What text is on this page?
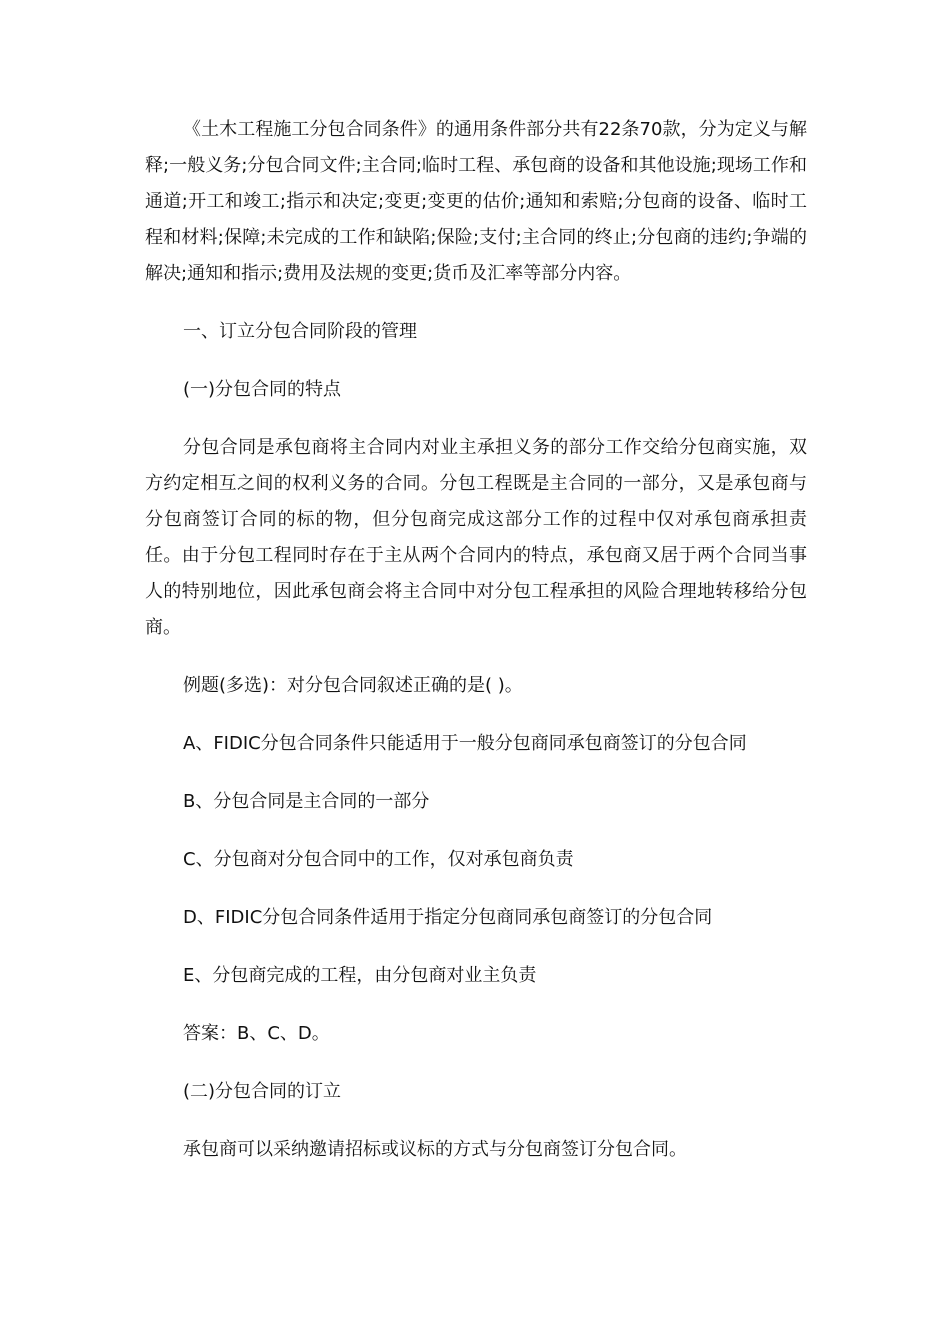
《土木工程施工分包合同条件》的通用条件部分共有22条70款，分为定义与解释;一般义务;分包合同文件;主合同;临时工程、承包商的设备和其他设施;现场工作和通道;开工和竣工;指示和决定;变更;变更的估价;通知和索赔;分包商的设备、临时工程和材料;保障;未完成的工作和缺陷;保险;支付;主合同的终止;分包商的违约;争端的解决;通知和指示;费用及法规的变更;货币及汇率等部分内容。

一、订立分包合同阶段的管理

(一)分包合同的特点

分包合同是承包商将主合同内对业主承担义务的部分工作交给分包商实施，双方约定相互之间的权利义务的合同。分包工程既是主合同的一部分，又是承包商与分包商签订合同的标的物，但分包商完成这部分工作的过程中仅对承包商承担责任。由于分包工程同时存在于主从两个合同内的特点，承包商又居于两个合同当事人的特别地位，因此承包商会将主合同中对分包工程承担的风险合理地转移给分包商。

例题(多选)：对分包合同叙述正确的是( )。

A、FIDIC分包合同条件只能适用于一般分包商同承包商签订的分包合同

B、分包合同是主合同的一部分

C、分包商对分包合同中的工作，仅对承包商负责

D、FIDIC分包合同条件适用于指定分包商同承包商签订的分包合同

E、分包商完成的工程，由分包商对业主负责

答案：B、C、D。

(二)分包合同的订立

承包商可以采纳邀请招标或议标的方式与分包商签订分包合同。
